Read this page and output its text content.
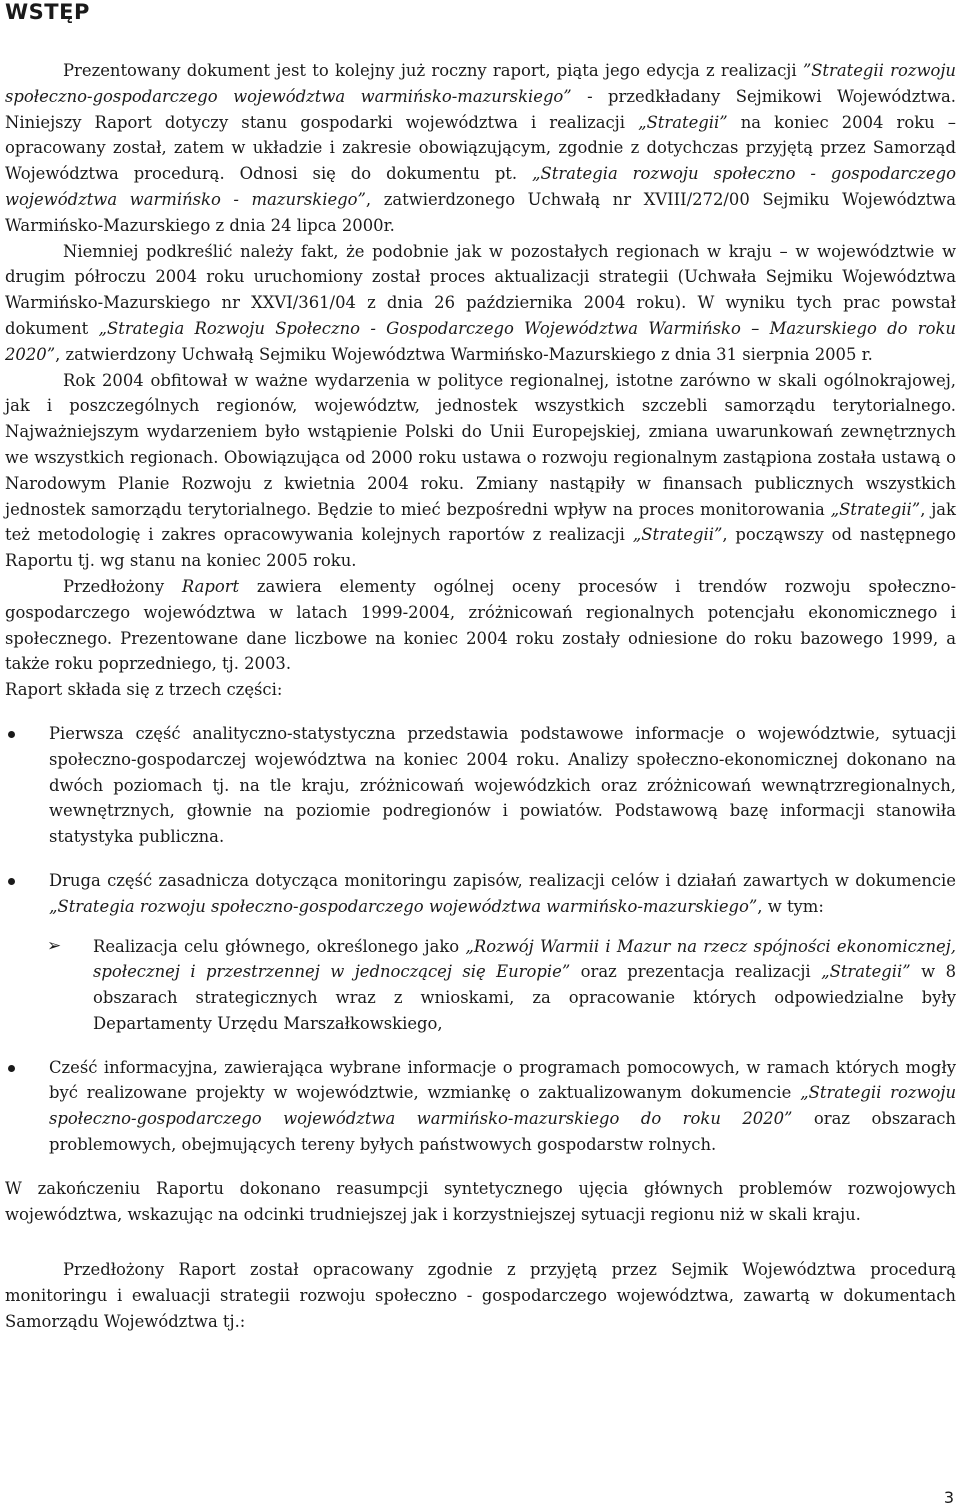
WSTĘP

Prezentowany dokument jest to kolejny już roczny raport, piąta jego edycja z realizacji ”Strategii rozwoju społeczno-gospodarczego województwa warmińsko-mazurskiego” - przedkładany Sejmikowi Województwa. Niniejszy Raport dotyczy stanu gospodarki województwa i realizacji „Strategii” na koniec 2004 roku – opracowany został, zatem w układzie i zakresie obowiązującym, zgodnie z dotychczas przyjętą przez Samorząd Województwa procedurą. Odnosi się do dokumentu pt. „Strategia rozwoju społeczno - gospodarczego województwa warmińsko - mazurskiego”, zatwierdzonego Uchwałą nr XVIII/272/00 Sejmiku Województwa Warmińsko-Mazurskiego z dnia 24 lipca 2000r.

Niemniej podkreślić należy fakt, że podobnie jak w pozostałych regionach w kraju – w województwie w drugim półroczu 2004 roku uruchomiony został proces aktualizacji strategii (Uchwała Sejmiku Województwa Warmińsko-Mazurskiego nr XXVI/361/04 z dnia 26 października 2004 roku). W wyniku tych prac powstał dokument „Strategia Rozwoju Społeczno - Gospodarczego Województwa Warmińsko – Mazurskiego do roku 2020”, zatwierdzony Uchwałą Sejmiku Województwa Warmińsko-Mazurskiego z dnia 31 sierpnia 2005 r.

Rok 2004 obfitował w ważne wydarzenia w polityce regionalnej, istotne zarówno w skali ogólnokrajowej, jak i poszczególnych regionów, województw, jednostek wszystkich szczebli samorządu terytorialnego. Najważniejszym wydarzeniem było wstąpienie Polski do Unii Europejskiej, zmiana uwarunkowań zewnętrznych we wszystkich regionach. Obowiązująca od 2000 roku ustawa o rozwoju regionalnym zastąpiona została ustawą o Narodowym Planie Rozwoju z kwietnia 2004 roku. Zmiany nastąpiły w finansach publicznych wszystkich jednostek samorządu terytorialnego. Będzie to mieć bezpośredni wpływ na proces monitorowania „Strategii”, jak też metodologię i zakres opracowywania kolejnych raportów z realizacji „Strategii”, począwszy od następnego Raportu tj. wg stanu na koniec 2005 roku.

Przedłożony Raport zawiera elementy ogólnej oceny procesów i trendów rozwoju społeczno-gospodarczego województwa w latach 1999-2004, zróżnicowań regionalnych potencjału ekonomicznego i społecznego. Prezentowane dane liczbowe na koniec 2004 roku zostały odniesione do roku bazowego 1999, a także roku poprzedniego, tj. 2003.

Raport składa się z trzech części:

Pierwsza część analityczno-statystyczna przedstawia podstawowe informacje o województwie, sytuacji społeczno-gospodarczej województwa na koniec 2004 roku. Analizy społeczno-ekonomicznej dokonano na dwóch poziomach tj. na tle kraju, zróżnicowań wojewódzkich oraz zróżnicowań wewnątrzregionalnych, wewnętrznych, głownie na poziomie podregionów i powiatów. Podstawową bazę informacji stanowiła statystyka publiczna.
Druga część zasadnicza dotycząca monitoringu zapisów, realizacji celów i działań zawartych w dokumencie „Strategia rozwoju społeczno-gospodarczego województwa warmińsko-mazurskiego”, w tym:
➢ Realizacja celu głównego, określonego jako „Rozwój Warmii i Mazur na rzecz spójności ekonomicznej, społecznej i przestrzennej w jednoczącej się Europie” oraz prezentacja realizacji „Strategii” w 8 obszarach strategicznych wraz z wnioskami, za opracowanie których odpowiedzialne były Departamenty Urzędu Marszałkowskiego,
Cześć informacyjna, zawierająca wybrane informacje o programach pomocowych, w ramach których mogły być realizowane projekty w województwie, wzmiankę o zaktualizowanym dokumencie „Strategii rozwoju społeczno-gospodarczego województwa warmińsko-mazurskiego do roku 2020” oraz obszarach problemowych, obejmujących tereny byłych państwowych gospodarstw rolnych.

W zakończeniu Raportu dokonano reasumpcji syntetycznego ujęcia głównych problemów rozwojowych województwa, wskazując na odcinki trudniejszej jak i korzystniejszej sytuacji regionu niż w skali kraju.

Przedłożony Raport został opracowany zgodnie z przyjętą przez Sejmik Województwa procedurą monitoringu i ewaluacji strategii rozwoju społeczno - gospodarczego województwa, zawartą w dokumentach Samorządu Województwa tj.:

3
